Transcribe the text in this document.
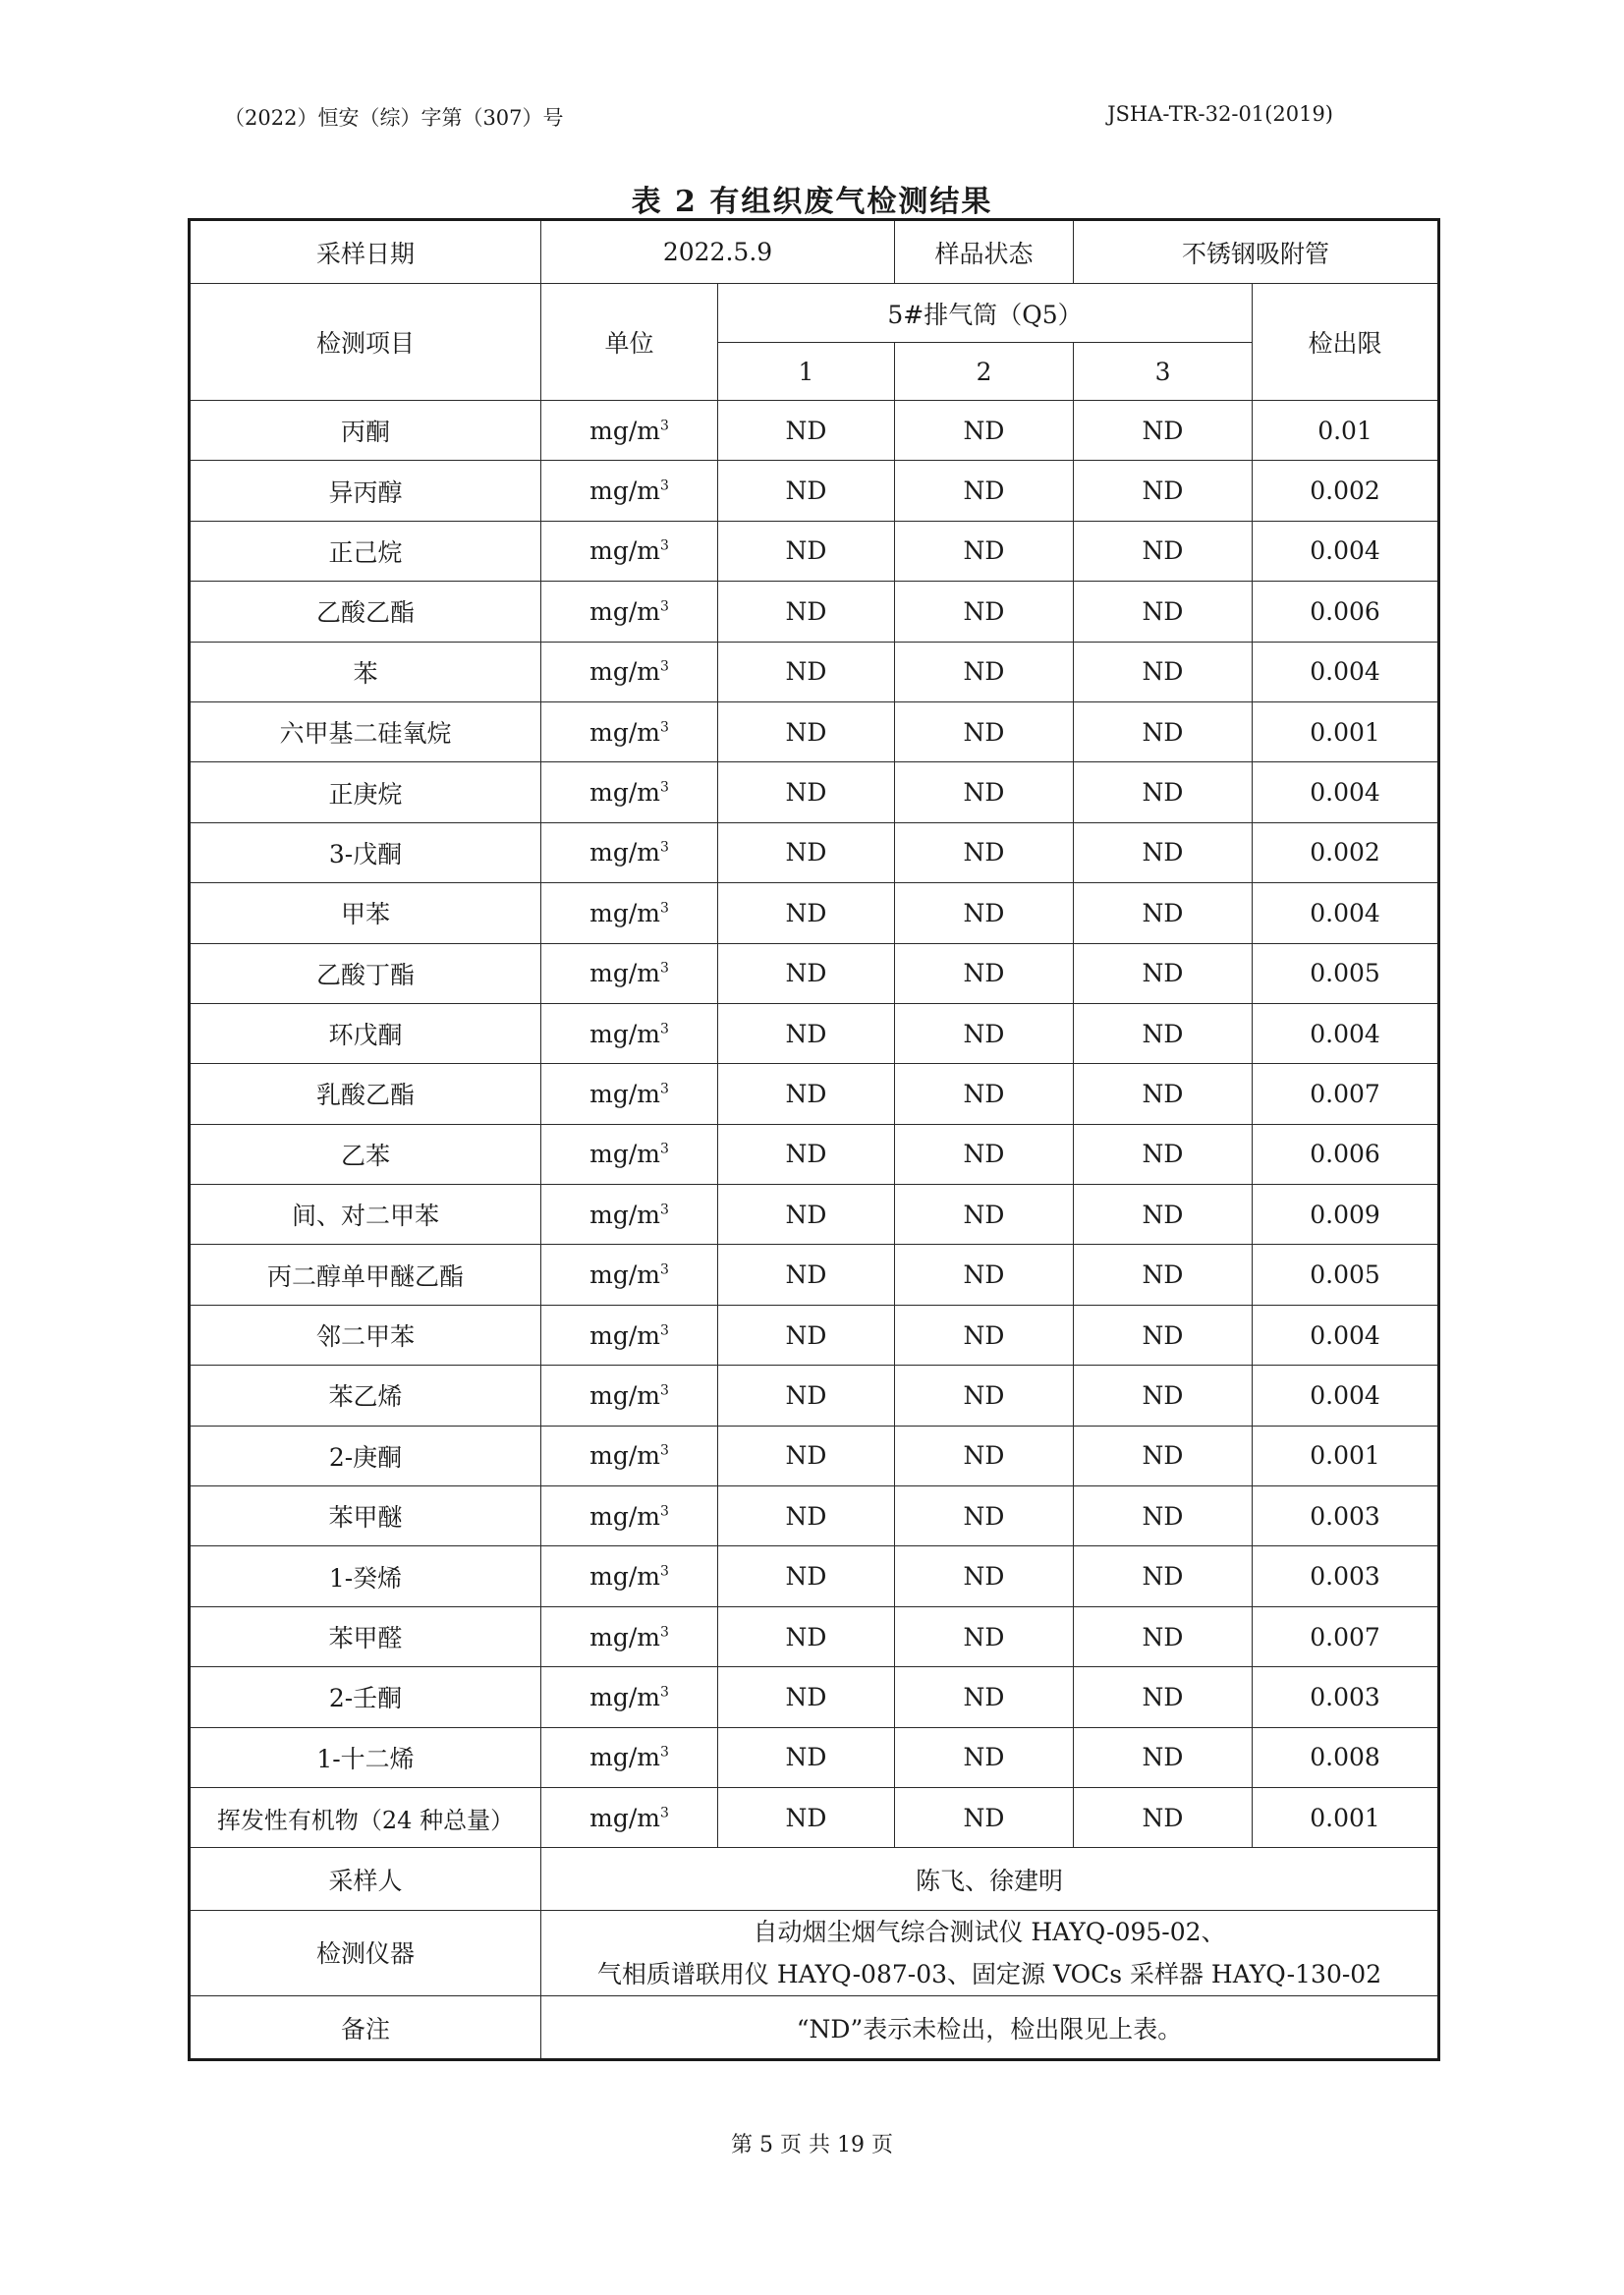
（2022）恒安（综）字第（307）号	JSHA-TR-32-01(2019)
表 2 有组织废气检测结果
采样日期	2022.5.9		样品状态	不锈钢吸附管	
检测项目	单位	5#排气筒（Q5）			检出限
		1	2	3	
丙酮	$mg/m^3$	ND	ND	ND	0.01
异丙醇	$mg/m^3$	ND	ND	ND	0.002
正己烷	$mg/m^3$	ND	ND	ND	0.004
乙酸乙酯	$mg/m^3$	ND	ND	ND	0.006
苯	$mg/m^3$	ND	ND	ND	0.004
六甲基二硅氧烷	$mg/m^3$	ND	ND	ND	0.001
正庚烷	$mg/m^3$	ND	ND	ND	0.004
3-戊酮	$mg/m^3$	ND	ND	ND	0.002
甲苯	$mg/m^3$	ND	ND	ND	0.004
乙酸丁酯	$mg/m^3$	ND	ND	ND	0.005
环戊酮	$mg/m^3$	ND	ND	ND	0.004
乳酸乙酯	$mg/m^3$	ND	ND	ND	0.007
乙苯	$mg/m^3$	ND	ND	ND	0.006
间、对二甲苯	$mg/m^3$	ND	ND	ND	0.009
丙二醇单甲醚乙酯	$mg/m^3$	ND	ND	ND	0.005
邻二甲苯	$mg/m^3$	ND	ND	ND	0.004
苯乙烯	$mg/m^3$	ND	ND	ND	0.004
2-庚酮	$mg/m^3$	ND	ND	ND	0.001
苯甲醚	$mg/m^3$	ND	ND	ND	0.003
1-癸烯	$mg/m^3$	ND	ND	ND	0.003
苯甲醛	$mg/m^3$	ND	ND	ND	0.007
2-壬酮	$mg/m^3$	ND	ND	ND	0.003
1-十二烯	$mg/m^3$	ND	ND	ND	0.008
挥发性有机物（24 种总量）	$mg/m^3$	ND	ND	ND	0.001
采样人	陈飞、徐建明				
检测仪器	自动烟尘烟气综合测试仪 HAYQ-095-02、
气相质谱联用仪 HAYQ-087-03、固定源 VOCs 采样器 HAYQ-130-02				

备注	“ND”表示未检出，检出限见上表。				
第 5 页 共 19 页
